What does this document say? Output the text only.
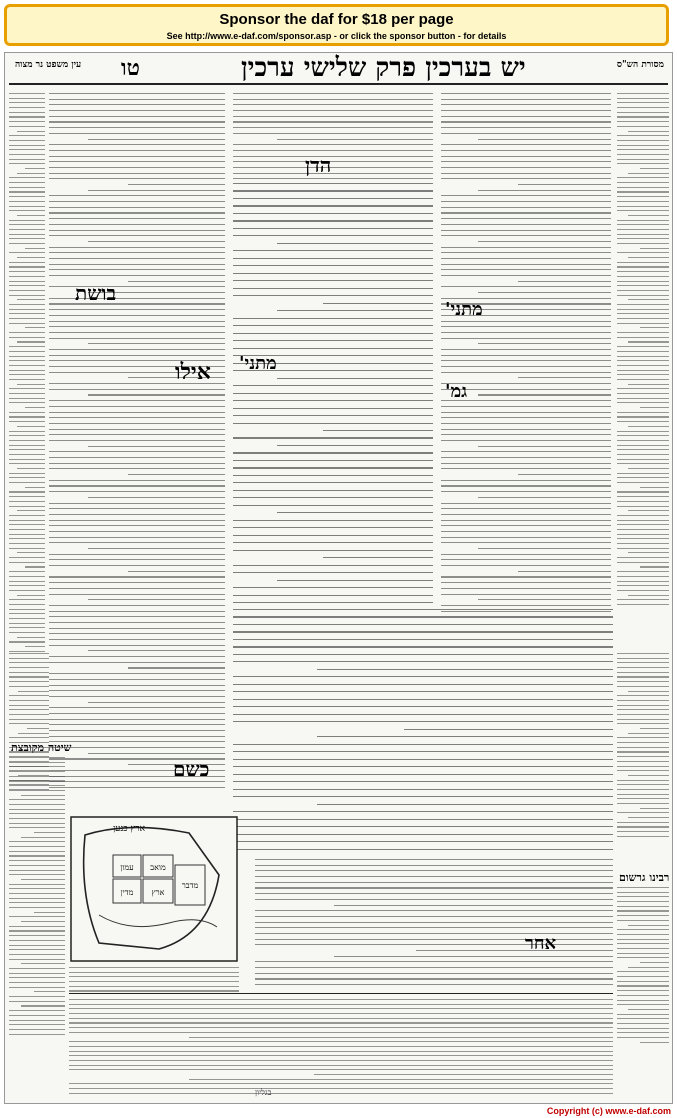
Sponsor the daf for $18 per page
See http://www.e-daf.com/sponsor.asp - or click the sponsor button - for details
עין משפט נר מצוה טו	יש בערכין פרק שלישי ערכין	מסורת הש"ס
בושת
אילו
כשם
הדן
מתני'
מתני'
גמ'
שיטה מקובצת
אחר
רבינו גרשום
ארץ כנען
עמון מואב
מדין ארץ
מדבר
בגליון
Copyright (c) www.e-daf.com
